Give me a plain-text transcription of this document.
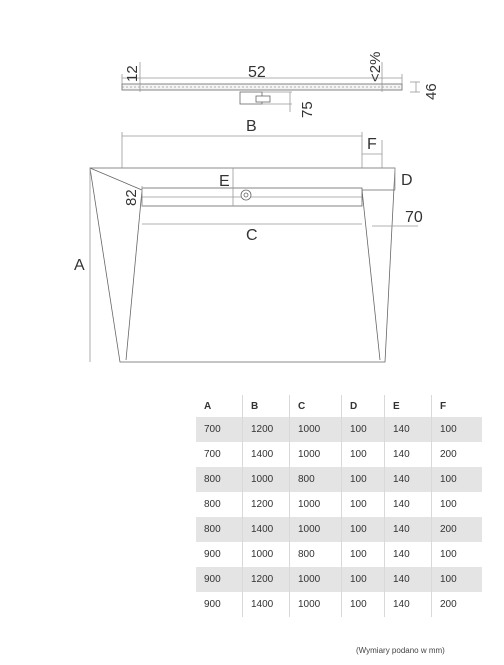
52
12	<2%
46
75
B
F
D
E
82
70
C
A
A	B	C	D	E	F
700	1200	1000	100	140	100
700	1400	1000	100	140	200
800	1000	800	100	140	100
800	1200	1000	100	140	100
800	1400	1000	100	140	200
900	1000	800	100	140	100
900	1200	1000	100	140	100
900	1400	1000	100	140	200
(Wymiary podano w mm)
